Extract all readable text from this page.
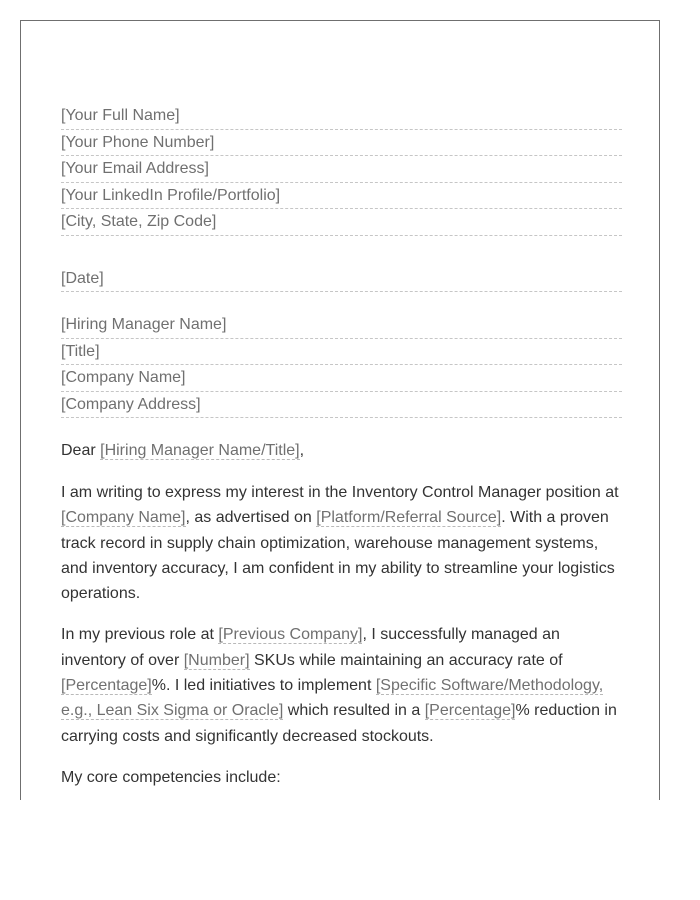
[Your Full Name]
[Your Phone Number]
[Your Email Address]
[Your LinkedIn Profile/Portfolio]
[City, State, Zip Code]
[Date]
[Hiring Manager Name]
[Title]
[Company Name]
[Company Address]

Dear [Hiring Manager Name/Title],

I am writing to express my interest in the Inventory Control Manager position at [Company Name], as advertised on [Platform/Referral Source]. With a proven track record in supply chain optimization, warehouse management systems, and inventory accuracy, I am confident in my ability to streamline your logistics operations.

In my previous role at [Previous Company], I successfully managed an inventory of over [Number] SKUs while maintaining an accuracy rate of [Percentage]%. I led initiatives to implement [Specific Software/Methodology, e.g., Lean Six Sigma or Oracle] which resulted in a [Percentage]% reduction in carrying costs and significantly decreased stockouts.

My core competencies include:
